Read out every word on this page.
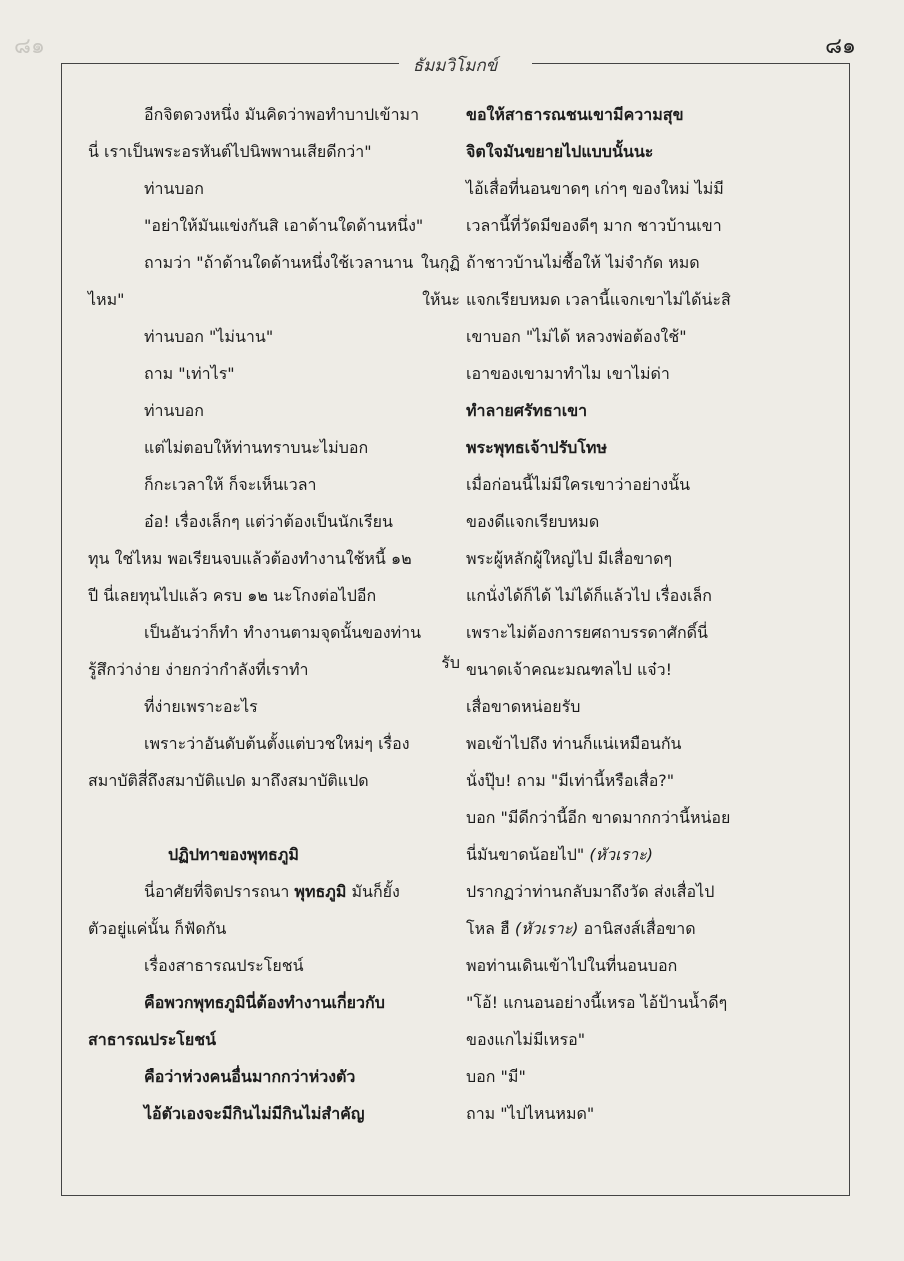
๘๑	๘๑
ธัมมวิโมกข์
อีกจิตดวงหนึ่ง มันคิดว่าพอทำบาปเข้ามา
นี่ เราเป็นพระอรหันต์ไปนิพพานเสียดีกว่า"
ท่านบอก
"อย่าให้มันแข่งกันสิ เอาด้านใดด้านหนึ่ง"
ถามว่า "ถ้าด้านใดด้านหนึ่งใช้เวลานาน
ไหม"
ท่านบอก "ไม่นาน"
ถาม "เท่าไร"
ท่านบอก
แต่ไม่ตอบให้ท่านทราบนะไม่บอก
ก็กะเวลาให้ ก็จะเห็นเวลา
อ๋อ! เรื่องเล็กๆ แต่ว่าต้องเป็นนักเรียน
ทุน ใช่ไหม พอเรียนจบแล้วต้องทำงานใช้หนี้ ๑๒
ปี นี่เลยทุนไปแล้ว ครบ ๑๒ นะโกงต่อไปอีก
เป็นอันว่าก็ทำ ทำงานตามจุดนั้นของท่าน
รู้สึกว่าง่าย ง่ายกว่ากำลังที่เราทำ
ที่ง่ายเพราะอะไร
เพราะว่าอันดับต้นตั้งแต่บวชใหม่ๆ เรื่อง
สมาบัติสี่ถึงสมาบัติแปด มาถึงสมาบัติแปด
ปฏิปทาของพุทธภูมิ
นี่อาศัยที่จิตปรารถนา พุทธภูมิ มันก็ยั้ง
ตัวอยู่แค่นั้น ก็ฟัดกัน
เรื่องสาธารณประโยชน์
คือพวกพุทธภูมินี่ต้องทำงานเกี่ยวกับ
สาธารณประโยชน์
คือว่าห่วงคนอื่นมากกว่าห่วงตัว
ไอ้ตัวเองจะมีกินไม่มีกินไม่สำคัญ
ในกุฏิ
ให้นะ
รับ
ขอให้สาธารณชนเขามีความสุข
จิตใจมันขยายไปแบบนั้นนะ
ไอ้เสื่อที่นอนขาดๆ เก่าๆ ของใหม่ ไม่มี
เวลานี้ที่วัดมีของดีๆ มาก ชาวบ้านเขา
ถ้าชาวบ้านไม่ซื้อให้ ไม่จำกัด หมด
แจกเรียบหมด เวลานี้แจกเขาไม่ได้น่ะสิ
เขาบอก "ไม่ได้ หลวงพ่อต้องใช้"
เอาของเขามาทำไม เขาไม่ด่า
ทำลายศรัทธาเขา
พระพุทธเจ้าปรับโทษ
เมื่อก่อนนี้ไม่มีใครเขาว่าอย่างนั้น
ของดีแจกเรียบหมด
พระผู้หลักผู้ใหญ่ไป มีเสื่อขาดๆ
แกนั่งได้ก็ได้ ไม่ได้ก็แล้วไป เรื่องเล็ก
เพราะไม่ต้องการยศถาบรรดาศักดิ์นี่
ขนาดเจ้าคณะมณฑลไป แจ๋ว!
เสื่อขาดหน่อยรับ
พอเข้าไปถึง ท่านก็แน่เหมือนกัน
นั่งปุ๊บ! ถาม "มีเท่านี้หรือเสื่อ?"
บอก "มีดีกว่านี้อีก ขาดมากกว่านี้หน่อย
นี่มันขาดน้อยไป" (หัวเราะ)
ปรากฏว่าท่านกลับมาถึงวัด ส่งเสื่อไป
โหล ฮื (หัวเราะ) อานิสงส์เสื่อขาด
พอท่านเดินเข้าไปในที่นอนบอก
"โอ้! แกนอนอย่างนี้เหรอ ไอ้ป้านน้ำดีๆ
ของแกไม่มีเหรอ"
บอก "มี"
ถาม "ไปไหนหมด"
